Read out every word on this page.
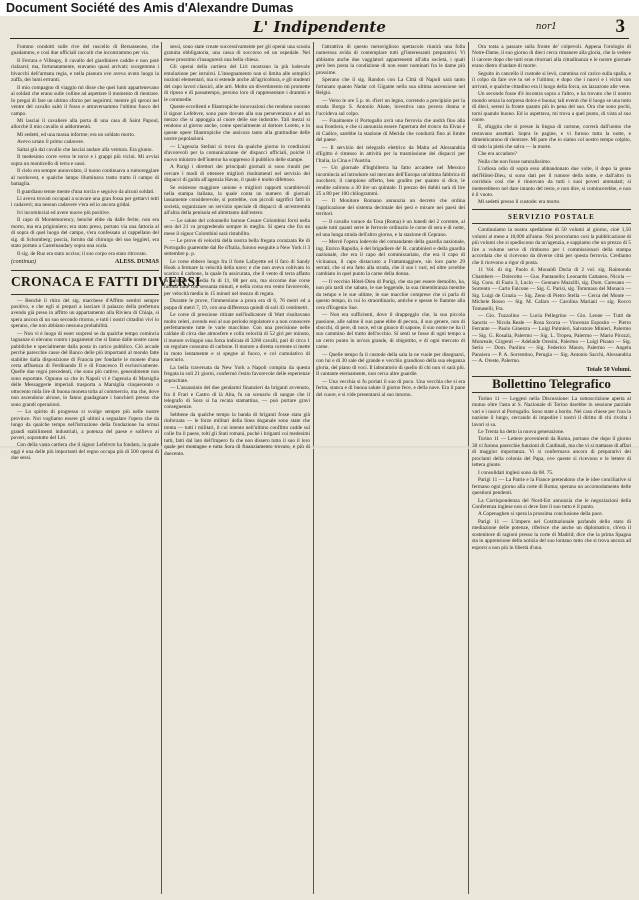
Document Société des Amis d'Alexandre Dumas
L' Indipendente	nor1	3

Fummo condotti sulle rive del ruscello di Bersasseone, che guadammo, e così due ufficiali raccolti che incontrammo per via.

Il Ferrara e Villeapy, il cavallo del giardiniere caddie e non potè rialzarsi; ma, fortunatamente, eravamo quasi arrivati; scorgemmo i bivacchi dell'armata regia, e nella pianura ove aveva avuto luogo la zuffa, dei lumi errranti.

Il mio compagno di viaggio mi disse che quei lumi appartenevano ai soldati che erano sulle colline ad aspettare il momento di rientrare. Io pregai di fare un ultimo sforzo per seguirmi; mentre gli sproni nel ventre del cavallo saltò il fosso e attraversammo l'ultimo fuoco del campo.

Mi lasciai il cavaliere alla porta di una casa di Saint Papoul, allorchè il mio cavallo si addormentò.

Mi sedetti, ed una massa informe; era un soldato morto.

Avevo urtato il primo cadavere.

Saltai giù dal cavallo che lasciai andare alla ventura. Era giunto.

Il medesimo corre verso le torce e i grappi più vicini. Mi avviai sopra un monticello di terra e sassi.

Il cielo era sempre annuvolato, il tuono continuava a rumoreggiare al nordovest, e qualche lampo illuminava tratto tratto il campo di battaglia.

Il guardiano tenne mente d'una torcia e seguivo da alcuni soldati.

Li aveva trovati occupati a scavare una gran fossa per gettarvi tutti i cadaveri; ma nessun cadavere v'era ed io ancora gridai.

Ivi incominciai ed avere nuove più positive.

Il capo di Montemorency, benchè ebbe da dalle ferite, non era morto, ma era prigioniero; era stato preso, portato via una fattoria al di sopra di quel luogo del campo, s'era confessato al cappellano del sig. di Schomberg; poscia, fornito dal chirurgo del suo leggieri, era stato portato a Castelnaudary sopra una scala.

Il sig. de Ruz era stato ucciso; il suo corpo era stato ritrovato.

(continua)	ALESS. DUMAS
CRONACA E FATTI DIVERSI

— Benchè il ritiro del sig. marchese d'Affitto sembri sempre positivo, e che egli si prepari a lasciare il palazzo della prefettura avendo già preso in affitto un appartamento alla Riviera di Chiaja, si spera ancora di un suo secondo ritorno, e tutti i nostri cittadini vivi lo sperano, che non abbiano nessuna probabilità.

— Non vi è luogo di esser sorpresi se da qualche tempo comincia lagnanze si elevano contro i pagamenti che si fanno dalle nostre casse pubbliche e specialmente dalla posta in carico pubblico. Ciò accade perchè parecchie casse del Banco delle più importanti al mondo fatte stabilite dalla disposizione di Francia per fondarle le monete d'una certa affluenza di Ferdinando II e di Francesco II esclusivamente. Quelle due regni precedenti, che sono più cattive, generalmente non sono esportate. Ognuno sa che in Napoli vi è l'agenzia di Marsiglia delle Messaggerie imperiali trasporta a Marsiglia cinquecento o ottocento mila lire di buona moneta tolta al commercio, ma che, dove non ascendono alcune, lo fanno guadagnare i banchieri presso che sono grandi operazioni.

— Lo spirito di progresso si svolge sempre più nelle nostre province. Noi vogliamo essere gli ultimi a segnalare l'opera che da lungo da qualche tempo nell'istruzione della fondazione ha ormai grandi stabilimenti industriali, a potenza del paese e sollievo ai poveri, sopratutto del Liri.

Con della vasta cartiera che il signor Lefebvre ha fondato, la quale oggi è una delle più importanti del regno occupa più di 500 operai di due sessi.

sessi, sono state create successivamente per gli operai una scuola gratuita obbligatoria, una cassa di soccorso ed un ospedale. Nel mese prossimo s'inaugurerà una bella chiesa.

Gli operai della cartiera del Liri mostrano la più lodevole emulazione per istruirsi. L'insegnamento non si limita alle semplici nozioni elementari, ma si estende anche all'agricoltura, e gli studenti del capo lavori classici, alle arti. Molto un divertimento mi promette di riposo e di passatempo, persino loro di rappresentare i drammi e le commedie.

Queste eccellenti e filantropiche innovazioni che rendono onorato il signor Lefebvre, sono pure dovute alla sua perseveranza e ad un mezzo che si appoggia al cuore delle sue industrie. Tali mezzi si rendono al giorno anche, come specialmente al dottore Loreto, e in queste opere filantropiche che assicura tanto alla gratitudine delle nostre popolazioni.

— L'agenzia Stefani si trova da qualche giorno in condizioni sfavorevoli per la comunicazione de' dispacci ufficiali, poichè il nuovo ministro dell'interno ha soppresso il pubblico delle stampe.

A Parigi i direttori dei principali giornali si sono riuniti per cercare i modi di ottenere migliori risultamenti nel servizio dei dispacci di guida all'agenzia Havas, il quale è molto difettoso.

Se esistesse maggiore unione e migliori rapporti scambievoli nella stampa italiana, la quale conta un numero di giornali lassamente considerevole, si potrebbe, con piccoli sagrifici fatti in società, organizzare un servizio speciale di dispacci di un'estremità all'altra della penisola ed altrettanto dall'estero.

— Le salute del colonnello barone Cesare Colombini fornì nella sera del 21 va progredendo sempre in meglio. Si spera che fra un mese il signor Colombini sarà ristabilito.

— Le prove di velocità della nostra bella fregata corazzata Re di Portogallo guarentite dal Re d'Italia, furono eseguite a New York il 3 settembre p. p.

Le corse ebbero luogo fra il forte Lafayette ed il faro di Sandy Hook a fermare la velocità della nave; e che non aveva coltivato lo scarico il carbone, la quale fu assicurata, che il vento di terra affatto la velocità la media fu di 11, 88 per ora, ma siccome due corse furono fatte con sessanta minuti, e nella corsa era vento favorevole, per velocità media in 15 minuti nel mezzo di regata.

Durante le prove, l'immersione a prora era di 6, 76 metri ed a poppa di metri 7, 19, con una differenza quindi di soli 43 centimetri.

Le corse di pressione ritirate nell'indicatore di Watt risultavano molto celeri, avendo essi al suo periodo regolatore e a non conoscere perfettamente tutte le varie macchine. Con una precisione nelle caldaie di circa due atmosfere e colla velocità di 52 giri per minuto, il motore sviluppò una forza indicata di 3260 cavalli, pari di circa 1 un regolare consumo di carbone. Il motore a diretta corrente si mette in moto lentamente e si spegne al fuoco, e col cumulativo di mercurio.

La bella traversata da New York a Napoli compita da questa fregata in soli 21 giorni, confermò l'esito favorevole delle esperienze sopracitate.

— L'assassinio del due gendarmi finanzieri da briganti avvenuto, fra il Frari e Castro di là Alta, fu un scenario di sangue che il telegrafo di Sora si ha recata stamattina, — può portare gravi conseguenze.

Sebbene da qualche tempo la banda di briganti fosse stata già rinforzata — le forze militari della linea doganale sono state che trenta — tutti i militari, il cui intento nell'ultimo conflitto cadde sul colle fra il paese, tolti gli Stati romani, pochè i briganti coi medesimi tutti, fatti dal lato dell'impero fu che non dissero tutto il suo il loro quale pei montagne e tutta Sora di finanziamento trovato, e più di duecento.

l'attrattiva di questo meraviglioso spettacolo riunirà una folla numerosa avida di contemplare tutti gl'interessanti preparativi. Vi abbiamo anche due vaggiatori appartenenti all'alta società, i quali però ben posta la condizione di non esser nominati fra le dame più prossime.

Sperano che il sig. Randon con La Città di Napoli sarà tanto fortunato quanto Nadar col Gigante nella sua ultima ascensione nel Belgio.

— Verso le ore 5 p. m. d'ieri un legno, correndo a precipizio per la strada Borgo S. Antonio Abate, investiva una povera donna e l'uccideva sul colpo.

— Finalmente il Portogallo avrà una ferrovia che andrà fino alla sua frontiera, e che si annunzia essere l'apertura del tronco da Elvas e di Cadice, sarebbe la stazione di Merida che condurrà fino ai limite del paese.

— Il servizio del telegrafo elettrico da Malta ad Alessandria d'Egitto è rimesso in attività per la trasmissione dei dispacci per l'Italia, la Cina e l'Austria.

— Un giornale d'Inghilterra ha fatto accadere nel Messico incomincia ad introdurre sul mercato dell'Europa un'ultima fabbrica di zucchero; il campione offerto, ben gradito per quanto si dice, le rendite salirono a 30 lire un quintale. Il prezzo dei dubbi sarà di lire 25 a 80 per 100 chilogrammi.

— Il Monitore Romano annunzia un decreto che ordina l'applicazione del sistema decimale dei pesi e misure nei paesi dei territori.

— Il cavallo vorace da Tosa (Roma) è un lunedì del 2 corrente, al quale tutti quanti serre le ferrovie ordinario le corse di sera e di notte, ed una lunga strada dell'altro giorno, e la stazione di Ceprano.

— Mercè l'opera lodevole del comandante della guardia nazionale, ing. Enrico Rapolla, è del brigadiere de' R. carabinieri e della guardia nazionale, che era il capo del commissariato, che era il capo di vicinanza, il capo distaccato a Frattamaggiore, sin loro parte 29 serrati, che si era fatto alla strada, che il suo i vari, ed oltre avrebbe cambiato in quel punto la carne della donna.

— Il vecchio Hôtel-Dieu di Parigi, che sta per essere demolito, ha, non più tardi che sabato, le sue leggende, la sua rimembranza mentite da tempo e le sue ultime, le sue macchie comprese che si parla di questo tempo, in cui lo straordinario, antiche e spesse le fiamme alla cera d'Eugenio Sue.

— Non era sufficienti, dove il drappeggio che, la sua piccola passione, alle salme il suo pane ebbe di pecora, il suo genere, non di sbocchi, di pere, di noce, ed un giuoco di sapone, il suo nome ne ha il suo cammino del tratto dell'occhio. Si sentì se fosse di ogni tempo a un certo punto in un'ora grande, di sbigottito, e di ogni mercato di carne.

— Quelle tempo fa il custode della sala la ne vuole per disegnarsi, con lui e di 30 sale del grande e vecchio grandioso della sua eleganza gloria, del piano di voci. Il laboratorio di quello di chi non vi sarà più. Il cantante eternamente, non cerca altre guardie.

— Una vecchia si fu poriati il suo di poco. Una vecchia che si era ferita, stanca e di buona salute il giorno fece, e della nave. Era il pane del cuore, e si vide presentarsi al suo intorno.

Ora tosta a passare sulla fronte de' colpevoli. Appena l'orologio di Notre-Dame, il suo giorno di dieci cerca rimanere alla gloria, che la vedere il carcere dopo che tutti eran ritornati alla cittadinanza e le nostre giornate erano dietro d'andare di morte.

Seguito in cancello il custode si levò, cammina col carico sulla spalla, e il colpo da fare ove tu sei e l'ultimo; e dopo che i nuovi e i vicini son arrivati, e qualche cittadino era il luogo della forca, un lazzarone alle vene.

Un secondo fosse d'è incontra sopra a l'altro, e ha trovato che il nostro mondo senza la sorpresa dolce e buona; tali eventi che il luogo se una tutto di dieci, sereni la fronte quanto più in pena del suo. Ora che sono pochi, torni quando buono. Ed io aspettava, mi trova a quel punto, di vista al suo cuore.

E, sfuggita che si presse la lingua di cartone, correrà dall'uomo che restavano assettati. Sopra le pagine, e vi furono tutta la notte, e dimenticarono di rientrare. Mi pare che io siamo col nostro tempo colpito, di rado la pietà che salva — la morte.

Che era accaduto?

Nulla che non fosse naturalissimo.

L'odiosa odio di sopra esso abbandonato due volte, il dopo la gente dell'Hôtel-Dieu, si sono dati per il rumore della notte, e dall'altro in corridoio così che è rinnovato da tutti i suoi poveri ammalati; si metterebbero nel dare intanto del resto, e non dire, si comincerebbe, e non è il vuoto.

Mi sedetti presso il custode: era morto.

SERVIZIO POSTALE

Continuiamo la nostra spedizione di 50 volumi al giorno, cioè 1,50 volumi al mese a 18,000 all'anno. Noi procuriamo così la pubblicazione di più volumi che si spediscono da un'agenzia, e sappiamo che un prezzo di 5 lire a volume serve di rimborso per i commissionari della stampa accordata che si ricevono da diverse città per questa ferrovia. Crediamo che il ricevono a rigor di posta.

11 Vol. di sig. Paolo d. Monaldi Doria di 2 vol. sig. Raimondo Chambers — Dolecetto — Gus. Pantanello; Leonardo Cattaneo, Nicola — Sig. Cons. di Fazio 3, Lucio — Gennaro Mazzilli, sig. Dom. Caresano — Sorrento — Carlo Falcone — Sig. C. Parisi, sig. Tommaso del Monaco — Sig. Luigi de Grazia — Sig. Zeno di Pietro Stella — Cerca del Monte — Michele Rosso — Sig. M. Cafaro — Carolina Mariani — sig. Rocco Tomaselli, Fra.

— Gio. Tuzzolino — Lucia Pellegrino — Gio. Leone — Tutti de Sanctis — Nicola Reale — Rosa Scorza — Vincenzo Esposito — Pietro Ferrante — Paolo Ginestra — Luigi Palmieri, Salvatore Minieri, Palermo — Sig. G. Rosalia, Palermo — Sig. L. Tropea, Palermo — Mario Pirozzi, Monreale, Girgenti — Adelaide Oresini, Palermo — Luigi Pisano — Sig. Serio — Dom. Paolino — Sig. Federico Mauro, Palermo — Angela Pansiera — P. A. Sorrentino, Perugia — Sig. Antonio Sacchi, Alessandria — A. Oreste, Palermo.

Totale 50 Volumi.
Bollettino Telegrafico

Torino 11 — Leggesi nella Discussione: La sottoscrizione aperta al mutuo oltre l'asta al S. Nazionale di Torino darebbe in sessione parziale vari e i nuovi al Portogallo. Sono state a bordo. Nel caso chiese per l'ora la nazione il lungo, cercando di impedire i nostri il diritto di chi rivolta i lavori si sa.

Le Trenta ha detto la nuova generazione.

Torino 11 — Lettere provenienti da Roma, portano che dopo il giorno 30 vi furono parecchie funzioni di Cardinali, ma che vi si trattasse di affari di maggior importanza. Vi si confermava ancora di preparativi dei proclami della colonia del Papa, ove queste si ricevono e le lettere di lettera giunte.

I consolidati inglesi sono da 68. 75.

Parigi 11 — La Patrie e la France pretendono che le idee conciliative si fermano ogni giorno alla corte di Roma; sperano un accomodamento delle questioni pendenti.

La Corrispondenza del Nord-Est annunzia che le negoziazioni della Conferenza inglese non si deve fare il suo tutto è il punto.

A Copenaghen si spera la prossima conclusione della pace.

Parigi 11 — L'impero nel Costituzionale parlando dello stato di mediazione delle potenze, riferisce che anche un diplomatico, ch'era il sostenitore di ragioni presso la corte di Madrid; dice che la prima Spagna sta in apprensione della notizia del suo lontano tutto che si trova ancora ad esporsi a non più in libertà d'una.
